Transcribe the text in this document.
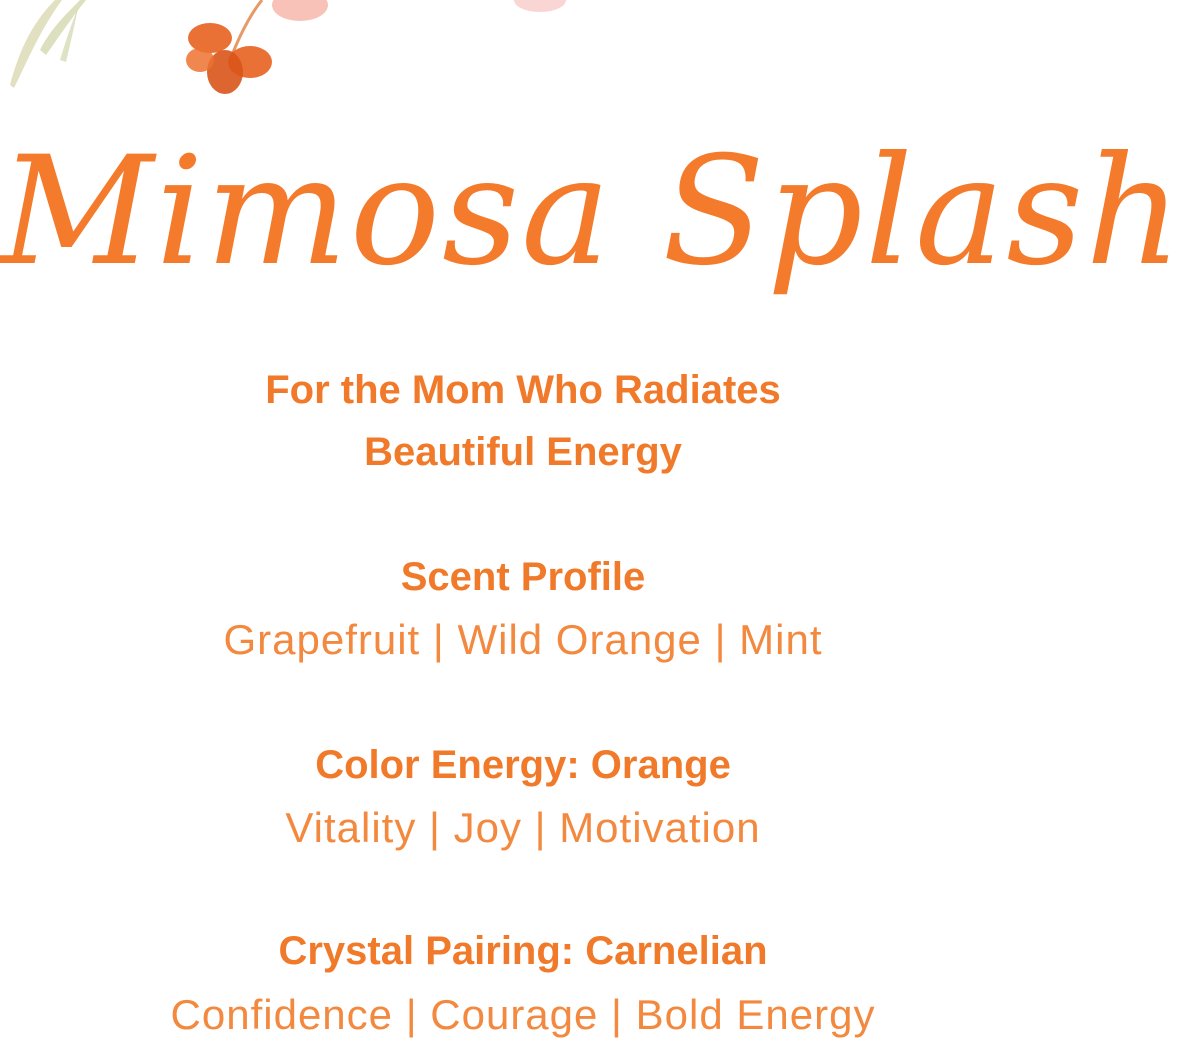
Mimosa Splash
For the Mom Who Radiates
Beautiful Energy
Scent Profile
Grapefruit | Wild Orange | Mint
Color Energy: Orange
Vitality | Joy | Motivation
Crystal Pairing: Carnelian
Confidence | Courage | Bold Energy
